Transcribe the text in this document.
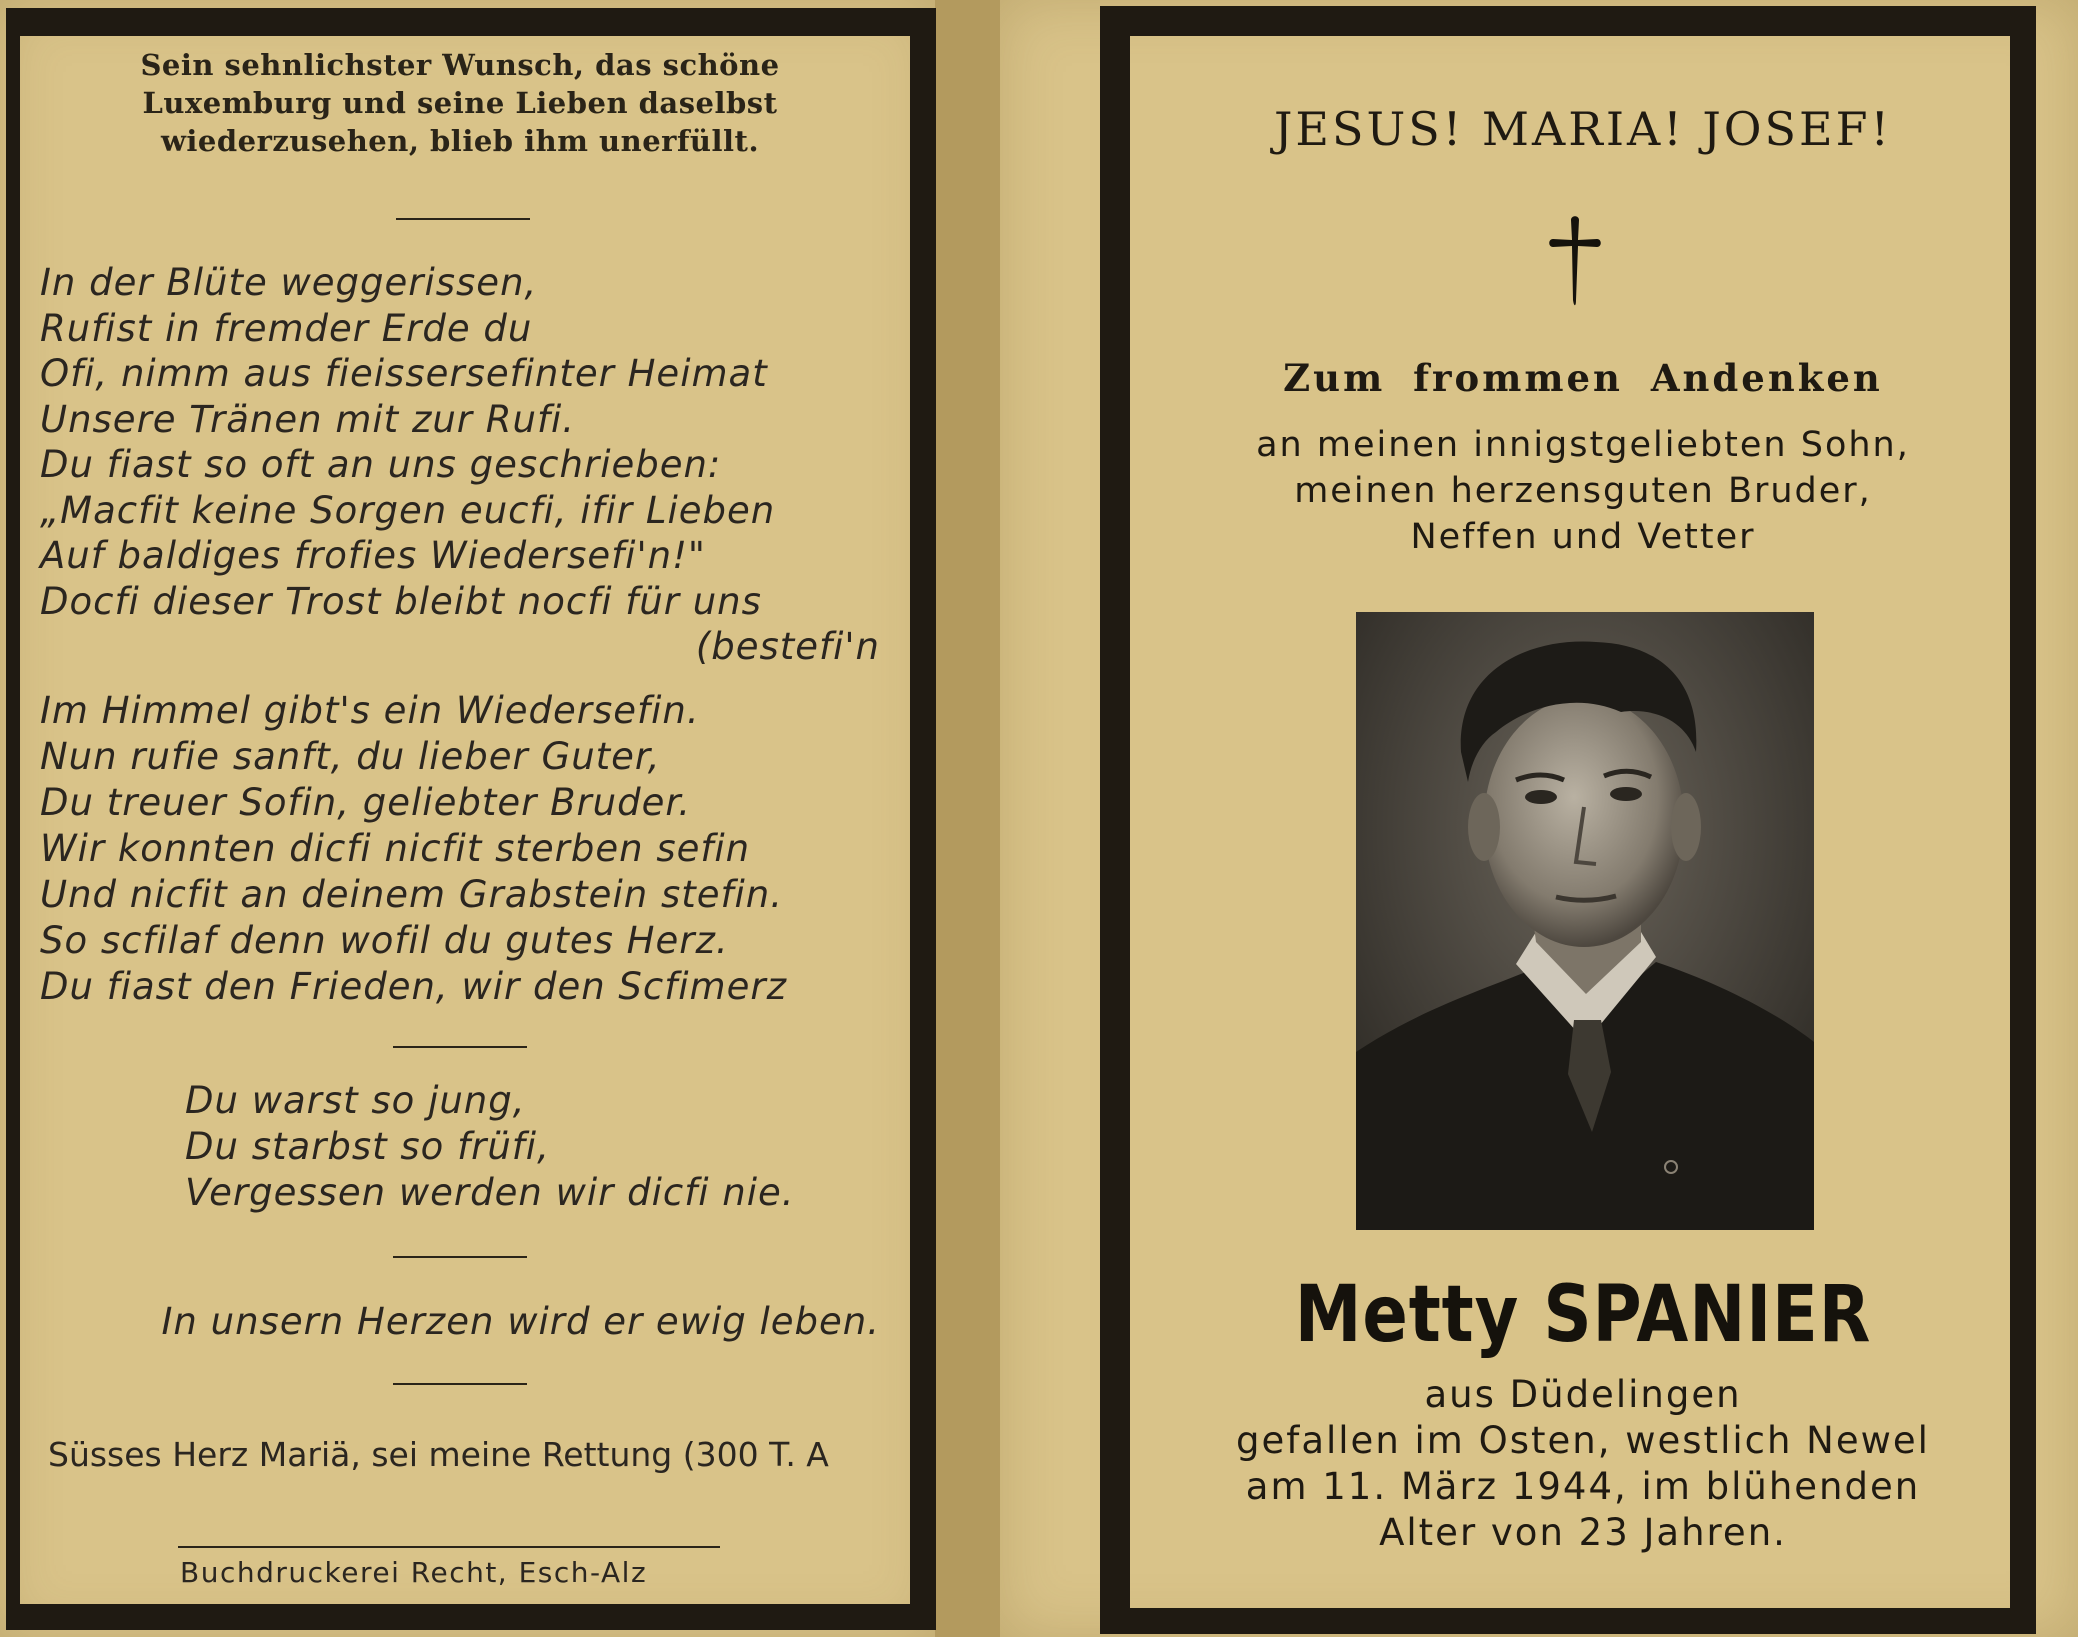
Sein sehnlichster Wunsch, das schöne
Luxemburg und seine Lieben daselbst
wiederzusehen, blieb ihm unerfüllt.
In der Blüte weggerissen,
Rufist in fremder Erde du
Ofi, nimm aus fieissersefinter Heimat
Unsere Tränen mit zur Rufi.
Du fiast so oft an uns geschrieben:
„Macfit keine Sorgen eucfi, ifir Lieben
Auf baldiges frofies Wiedersefi'n!"
Docfi dieser Trost bleibt nocfi für uns
(bestefi'n
Im Himmel gibt's ein Wiedersefin.
Nun rufie sanft, du lieber Guter,
Du treuer Sofin, geliebter Bruder.
Wir konnten dicfi nicfit sterben sefin
Und nicfit an deinem Grabstein stefin.
So scfilaf denn wofil du gutes Herz.
Du fiast den Frieden, wir den Scfimerz
Du warst so jung,
Du starbst so früfi,
Vergessen werden wir dicfi nie.
In unsern Herzen wird er ewig leben.
Süsses Herz Mariä, sei meine Rettung (300 T. A
Buchdruckerei Recht, Esch-Alz
JESUS! MARIA! JOSEF!
Zum frommen Andenken
an meinen innigstgeliebten Sohn,
meinen herzensguten Bruder,
Neffen und Vetter
Metty SPANIER
aus Düdelingen
gefallen im Osten, westlich Newel
am 11. März 1944, im blühenden
Alter von 23 Jahren.
